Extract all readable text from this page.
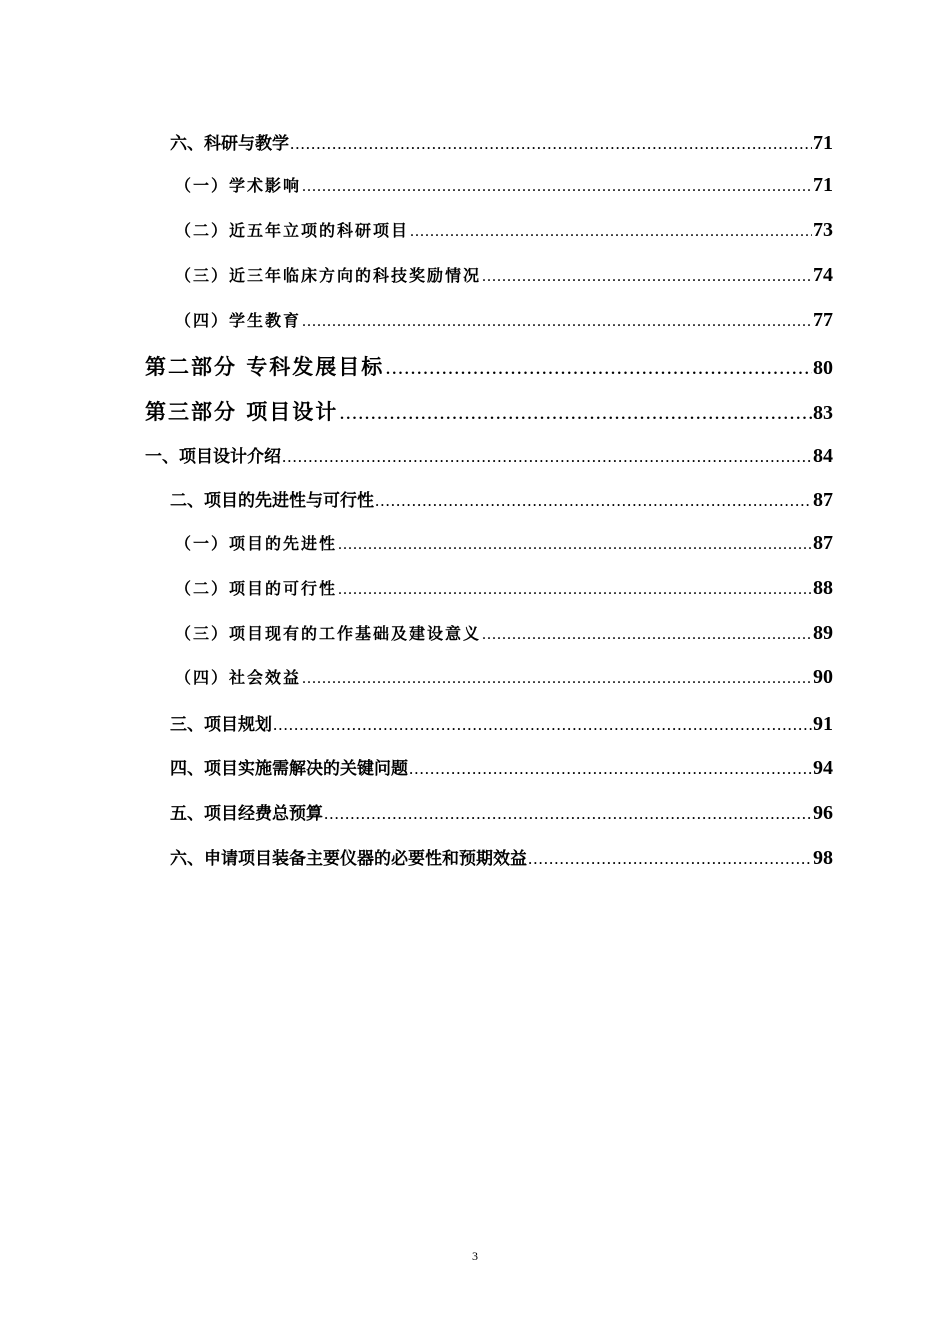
六、科研与教学 .....	71
（一）学术影响 .....	71
（二）近五年立项的科研项目 .....	73
（三）近三年临床方向的科技奖励情况 .....	74
（四）学生教育 .....	77
第二部分 专科发展目标 .....	80
第三部分 项目设计 .....	83
一、项目设计介绍 .....	84
二、项目的先进性与可行性 .....	87
（一）项目的先进性 .....	87
（二）项目的可行性 .....	88
（三）项目现有的工作基础及建设意义 .....	89
（四）社会效益 .....	90
三、项目规划 .....	91
四、项目实施需解决的关键问题 .....	94
五、项目经费总预算 .....	96
六、申请项目装备主要仪器的必要性和预期效益 .....	98
3
